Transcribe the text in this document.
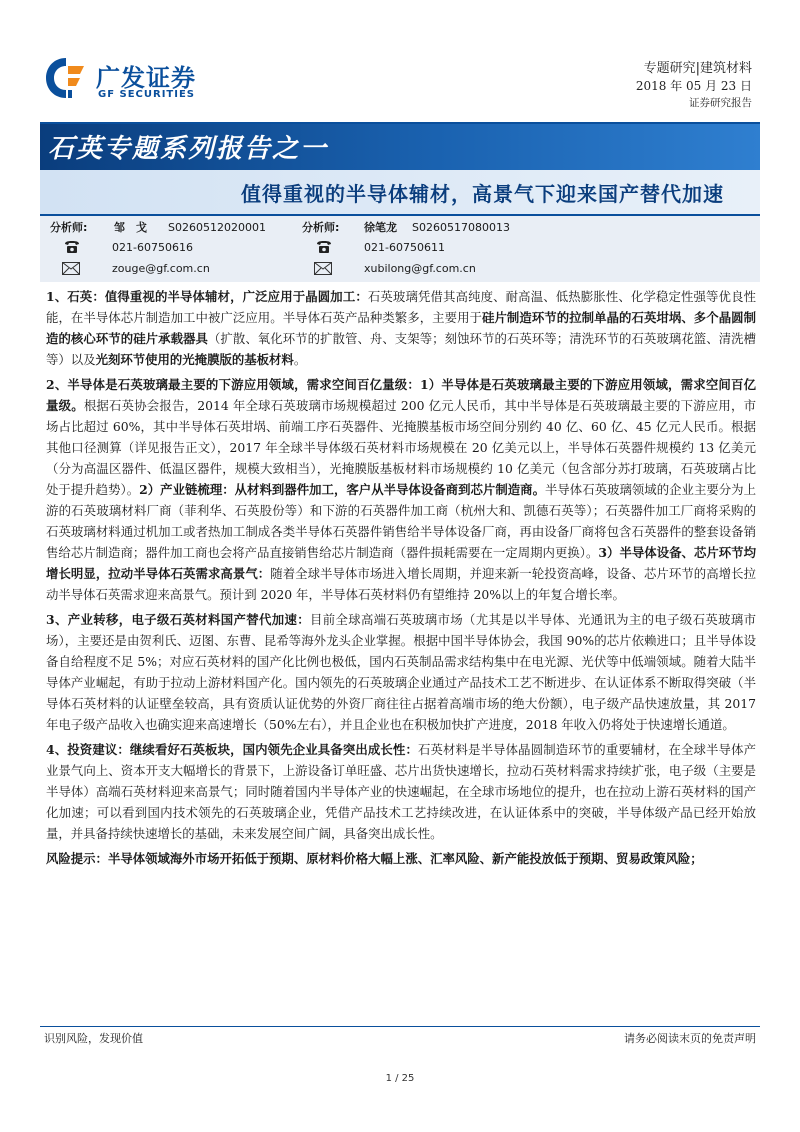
广发证券
GF SECURITIES
专题研究|建筑材料
2018 年 05 月 23 日
证券研究报告
石英专题系列报告之一
值得重视的半导体辅材，高景气下迎来国产替代加速
分析师: 邹　戈 S0260512020001
021-60750616
zouge@gf.com.cn
分析师: 徐笔龙 S0260517080013
021-60750611
xubilong@gf.com.cn

1、石英：值得重视的半导体辅材，广泛应用于晶圆加工：石英玻璃凭借其高纯度、耐高温、低热膨胀性、化学稳定性强等优良性能，在半导体芯片制造加工中被广泛应用。半导体石英产品种类繁多，主要用于硅片制造环节的拉制单晶的石英坩埚、多个晶圆制造的核心环节的硅片承载器具（扩散、氧化环节的扩散管、舟、支架等；刻蚀环节的石英环等；清洗环节的石英玻璃花篮、清洗槽等）以及光刻环节使用的光掩膜版的基板材料。

2、半导体是石英玻璃最主要的下游应用领域，需求空间百亿量级：1）半导体是石英玻璃最主要的下游应用领域，需求空间百亿量级。根据石英协会报告，2014 年全球石英玻璃市场规模超过 200 亿元人民币，其中半导体是石英玻璃最主要的下游应用，市场占比超过 60%，其中半导体石英坩埚、前端工序石英器件、光掩膜基板市场空间分别约 40 亿、60 亿、45 亿元人民币。根据其他口径测算（详见报告正文），2017 年全球半导体级石英材料市场规模在 20 亿美元以上，半导体石英器件规模约 13 亿美元（分为高温区器件、低温区器件，规模大致相当），光掩膜版基板材料市场规模约 10 亿美元（包含部分苏打玻璃，石英玻璃占比处于提升趋势）。2）产业链梳理：从材料到器件加工，客户从半导体设备商到芯片制造商。半导体石英玻璃领域的企业主要分为上游的石英玻璃材料厂商（菲利华、石英股份等）和下游的石英器件加工商（杭州大和、凯德石英等）；石英器件加工厂商将采购的石英玻璃材料通过机加工或者热加工制成各类半导体石英器件销售给半导体设备厂商，再由设备厂商将包含石英器件的整套设备销售给芯片制造商；器件加工商也会将产品直接销售给芯片制造商（器件损耗需要在一定周期内更换）。3）半导体设备、芯片环节均增长明显，拉动半导体石英需求高景气：随着全球半导体市场进入增长周期，并迎来新一轮投资高峰，设备、芯片环节的高增长拉动半导体石英需求迎来高景气。预计到 2020 年，半导体石英材料仍有望维持 20%以上的年复合增长率。

3、产业转移，电子级石英材料国产替代加速：目前全球高端石英玻璃市场（尤其是以半导体、光通讯为主的电子级石英玻璃市场），主要还是由贺利氏、迈图、东曹、昆希等海外龙头企业掌握。根据中国半导体协会，我国 90%的芯片依赖进口；且半导体设备自给程度不足 5%；对应石英材料的国产化比例也极低，国内石英制品需求结构集中在电光源、光伏等中低端领域。随着大陆半导体产业崛起，有助于拉动上游材料国产化。国内领先的石英玻璃企业通过产品技术工艺不断进步、在认证体系不断取得突破（半导体石英材料的认证壁垒较高，具有资质认证优势的外资厂商往往占据着高端市场的绝大份额），电子级产品快速放量，其 2017 年电子级产品收入也确实迎来高速增长（50%左右），并且企业也在积极加快扩产进度，2018 年收入仍将处于快速增长通道。

4、投资建议：继续看好石英板块，国内领先企业具备突出成长性：石英材料是半导体晶圆制造环节的重要辅材，在全球半导体产业景气向上、资本开支大幅增长的背景下，上游设备订单旺盛、芯片出货快速增长，拉动石英材料需求持续扩张，电子级（主要是半导体）高端石英材料迎来高景气；同时随着国内半导体产业的快速崛起，在全球市场地位的提升，也在拉动上游石英材料的国产化加速；可以看到国内技术领先的石英玻璃企业，凭借产品技术工艺持续改进，在认证体系中的突破，半导体级产品已经开始放量，并具备持续快速增长的基础，未来发展空间广阔，具备突出成长性。

风险提示：半导体领域海外市场开拓低于预期、原材料价格大幅上涨、汇率风险、新产能投放低于预期、贸易政策风险；

识别风险，发现价值	请务必阅读末页的免责声明
1 / 25
